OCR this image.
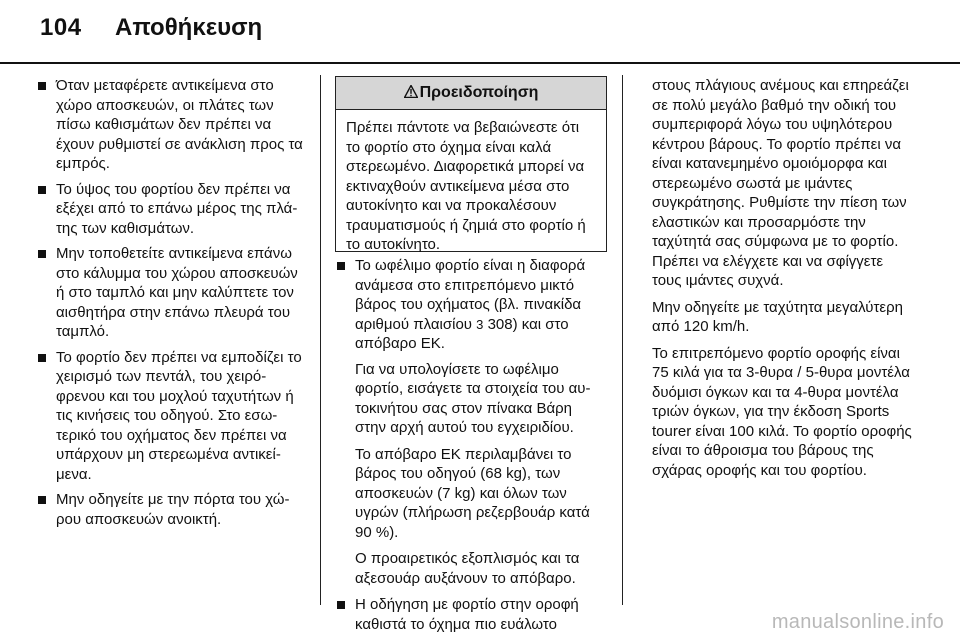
104 Αποθήκευση
Όταν μεταφέρετε αντικείμενα στο χώρο αποσκευών, οι πλάτες των πίσω καθισμάτων δεν πρέπει να έχουν ρυθμιστεί σε ανάκλιση προς τα εμπρός.
Το ύψος του φορτίου δεν πρέπει να εξέχει από το επάνω μέρος της πλάτης των καθισμάτων.
Μην τοποθετείτε αντικείμενα επάνω στο κάλυμμα του χώρου αποσκευών ή στο ταμπλό και μην καλύπτετε τον αισθητήρα στην επάνω πλευρά του ταμπλό.
Το φορτίο δεν πρέπει να εμποδίζει το χειρισμό των πεντάλ, του χειρόφρενου και του μοχλού ταχυτήτων ή τις κινήσεις του οδηγού. Στο εσωτερικό του οχήματος δεν πρέπει να υπάρχουν μη στερεωμένα αντικείμενα.
Μην οδηγείτε με την πόρτα του χώρου αποσκευών ανοικτή.
Προειδοποίηση
Πρέπει πάντοτε να βεβαιώνεστε ότι το φορτίο στο όχημα είναι καλά στερεωμένο. Διαφορετικά μπορεί να εκτιναχθούν αντικείμενα μέσα στο αυτοκίνητο και να προκαλέσουν τραυματισμούς ή ζημιά στο φορτίο ή το αυτοκίνητο.
Το ωφέλιμο φορτίο είναι η διαφορά ανάμεσα στο επιτρεπόμενο μικτό βάρος του οχήματος (βλ. πινακίδα αριθμού πλαισίου 3 308) και στο απόβαρο ΕΚ.
Για να υπολογίσετε το ωφέλιμο φορτίο, εισάγετε τα στοιχεία του αυτοκινήτου σας στον πίνακα Βάρη στην αρχή αυτού του εγχειριδίου.
Το απόβαρο ΕΚ περιλαμβάνει το βάρος του οδηγού (68 kg), των αποσκευών (7 kg) και όλων των υγρών (πλήρωση ρεζερβουάρ κατά 90 %).
Ο προαιρετικός εξοπλισμός και τα αξεσουάρ αυξάνουν το απόβαρο.
Η οδήγηση με φορτίο στην οροφή καθιστά το όχημα πιο ευάλωτο
στους πλάγιους ανέμους και επηρεάζει σε πολύ μεγάλο βαθμό την οδική του συμπεριφορά λόγω του υψηλότερου κέντρου βάρους. Το φορτίο πρέπει να είναι κατανεμημένο ομοιόμορφα και στερεωμένο σωστά με ιμάντες συγκράτησης. Ρυθμίστε την πίεση των ελαστικών και προσαρμόστε την ταχύτητά σας σύμφωνα με το φορτίο. Πρέπει να ελέγχετε και να σφίγγετε τους ιμάντες συχνά.
Μην οδηγείτε με ταχύτητα μεγαλύτερη από 120 km/h.
Το επιτρεπόμενο φορτίο οροφής είναι 75 κιλά για τα 3-θυρα / 5-θυρα μοντέλα δυόμισι όγκων και τα 4-θυρα μοντέλα τριών όγκων, για την έκδοση Sports tourer είναι 100 κιλά. Το φορτίο οροφής είναι το άθροισμα του βάρους της σχάρας οροφής και του φορτίου.
manualsonline.info
